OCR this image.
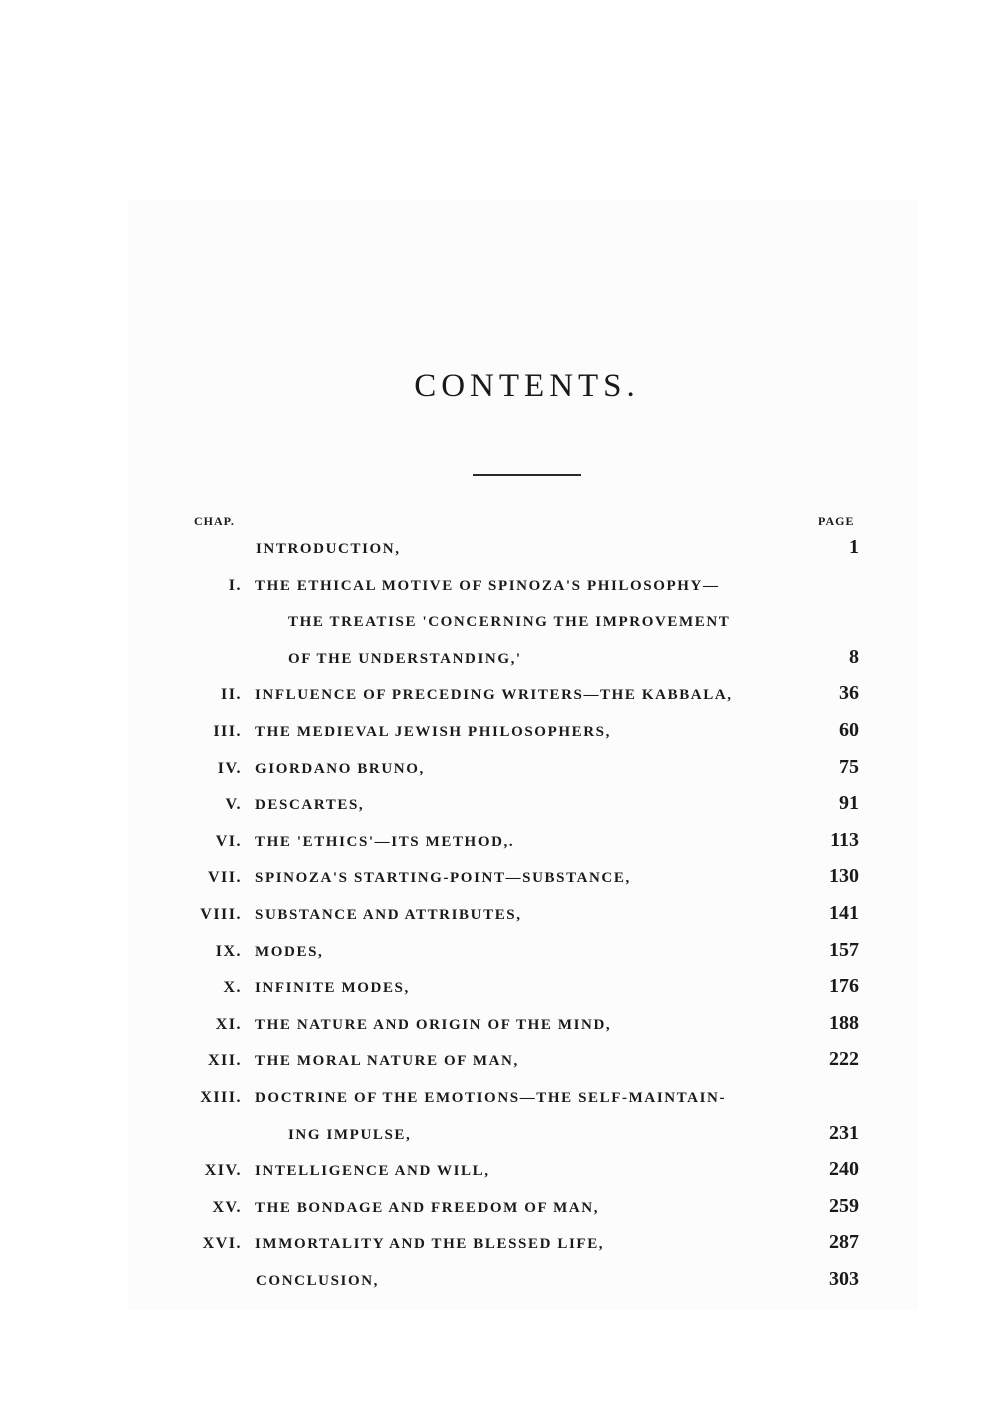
CONTENTS.
CHAP.	PAGE
INTRODUCTION,	1
I. THE ETHICAL MOTIVE OF SPINOZA'S PHILOSOPHY—
THE TREATISE 'CONCERNING THE IMPROVEMENT
OF THE UNDERSTANDING,'	8
II. INFLUENCE OF PRECEDING WRITERS—THE KABBALA,	36
III. THE MEDIEVAL JEWISH PHILOSOPHERS,	60
IV. GIORDANO BRUNO,	75
V. DESCARTES,	91
VI. THE 'ETHICS'—ITS METHOD,.	113
VII. SPINOZA'S STARTING-POINT—SUBSTANCE,	130
VIII. SUBSTANCE AND ATTRIBUTES,	141
IX. MODES,	157
X. INFINITE MODES,	176
XI. THE NATURE AND ORIGIN OF THE MIND,	188
XII. THE MORAL NATURE OF MAN,	222
XIII. DOCTRINE OF THE EMOTIONS—THE SELF-MAINTAIN-
ING IMPULSE,	231
XIV. INTELLIGENCE AND WILL,	240
XV. THE BONDAGE AND FREEDOM OF MAN,	259
XVI. IMMORTALITY AND THE BLESSED LIFE,	287
CONCLUSION,	303
